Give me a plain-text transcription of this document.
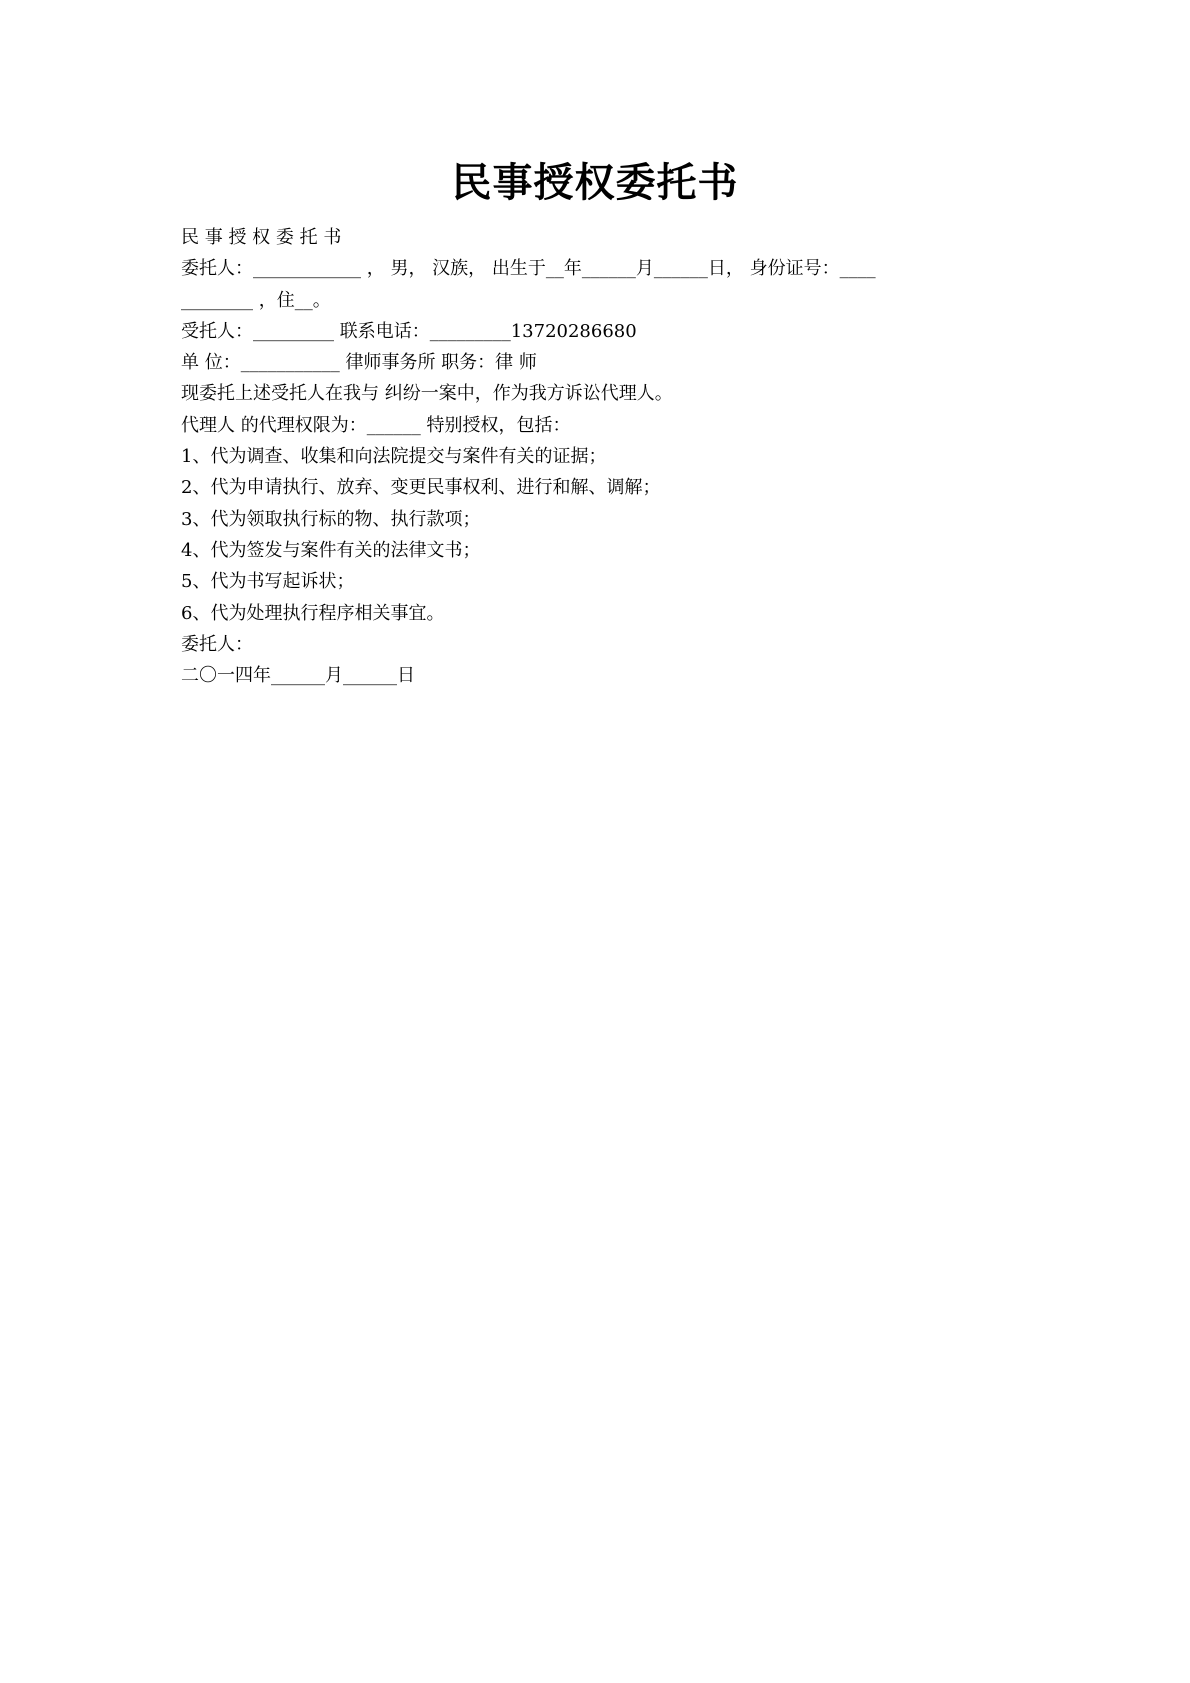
民事授权委托书
民 事 授 权 委 托 书
委托人：____________ ， 男， 汉族， 出生于__年______月______日， 身份证号：____
________ ，住__。
受托人：_________ 联系电话：_________13720286680
单 位：___________ 律师事务所 职务：律 师
现委托上述受托人在我与 纠纷一案中，作为我方诉讼代理人。
代理人 的代理权限为：______ 特别授权，包括：
1、代为调查、收集和向法院提交与案件有关的证据；
2、代为申请执行、放弃、变更民事权利、进行和解、调解；
3、代为领取执行标的物、执行款项；
4、代为签发与案件有关的法律文书；
5、代为书写起诉状；
6、代为处理执行程序相关事宜。
委托人：
二〇一四年______月______日
